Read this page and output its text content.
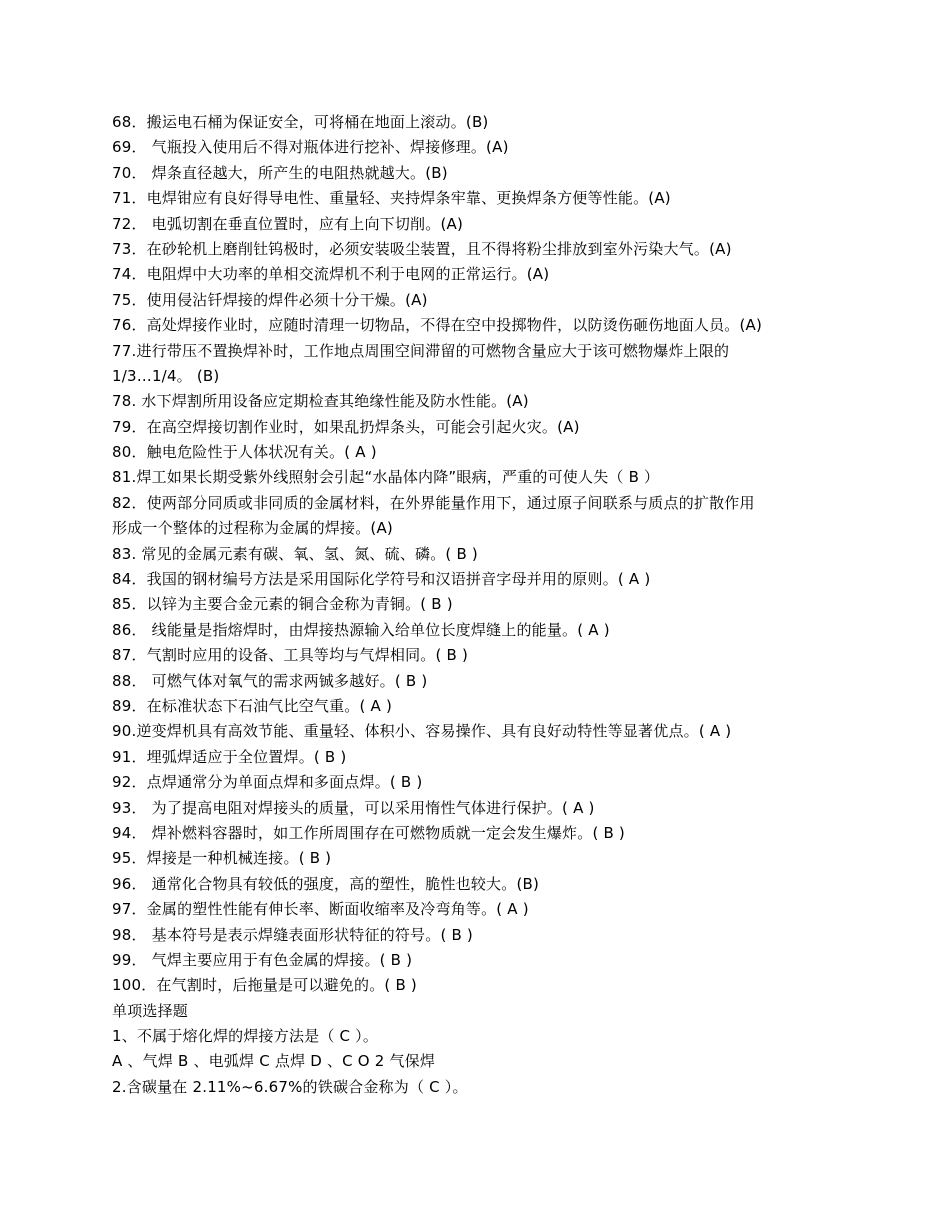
68．搬运电石桶为保证安全，可将桶在地面上滚动。(B)
69． 气瓶投入使用后不得对瓶体进行挖补、焊接修理。(A)
70． 焊条直径越大，所产生的电阻热就越大。(B)
71．电焊钳应有良好得导电性、重量轻、夹持焊条牢靠、更换焊条方便等性能。(A)
72． 电弧切割在垂直位置时，应有上向下切削。(A)
73．在砂轮机上磨削钍钨极时，必须安装吸尘装置，且不得将粉尘排放到室外污染大气。(A)
74．电阻焊中大功率的单相交流焊机不利于电网的正常运行。(A)
75．使用侵沾钎焊接的焊件必须十分干燥。(A)
76．高处焊接作业时，应随时清理一切物品，不得在空中投掷物件，以防烫伤砸伤地面人员。(A)
77.进行带压不置换焊补时，工作地点周围空间滞留的可燃物含量应大于该可燃物爆炸上限的
1/3…1/4。 (B)
78. 水下焊割所用设备应定期检查其绝缘性能及防水性能。(A)
79．在高空焊接切割作业时，如果乱扔焊条头，可能会引起火灾。(A)
80．触电危险性于人体状况有关。( A )
81.焊工如果长期受紫外线照射会引起“水晶体内降”眼病，严重的可使人失（ B ）
82．使两部分同质或非同质的金属材料，在外界能量作用下，通过原子间联系与质点的扩散作用
形成一个整体的过程称为金属的焊接。(A)
83. 常见的金属元素有碳、氧、氢、氮、硫、磷。( B )
84．我国的钢材编号方法是采用国际化学符号和汉语拼音字母并用的原则。( A )
85．以锌为主要合金元素的铜合金称为青铜。( B )
86． 线能量是指熔焊时，由焊接热源输入给单位长度焊缝上的能量。( A )
87．气割时应用的设备、工具等均与气焊相同。( B )
88． 可燃气体对氧气的需求两铖多越好。( B )
89．在标准状态下石油气比空气重。( A )
90.逆变焊机具有高效节能、重量轻、体积小、容易操作、具有良好动特性等显著优点。( A )
91．埋弧焊适应于全位置焊。( B )
92．点焊通常分为单面点焊和多面点焊。( B )
93． 为了提高电阻对焊接头的质量，可以采用惰性气体进行保护。( A )
94． 焊补燃料容器时，如工作所周围存在可燃物质就一定会发生爆炸。( B )
95．焊接是一种机械连接。( B )
96． 通常化合物具有较低的强度，高的塑性，脆性也较大。(B)
97．金属的塑性性能有伸长率、断面收缩率及冷弯角等。( A )
98． 基本符号是表示焊缝表面形状特征的符号。( B )
99． 气焊主要应用于有色金属的焊接。( B )
100．在气割时，后拖量是可以避免的。( B )
单项选择题
1、不属于熔化焊的焊接方法是（ C ）。
A 、气焊 B 、电弧焊 C 点焊 D 、C O 2 气保焊
2.含碳量在 2.11%~6.67%的铁碳合金称为（ C ）。
